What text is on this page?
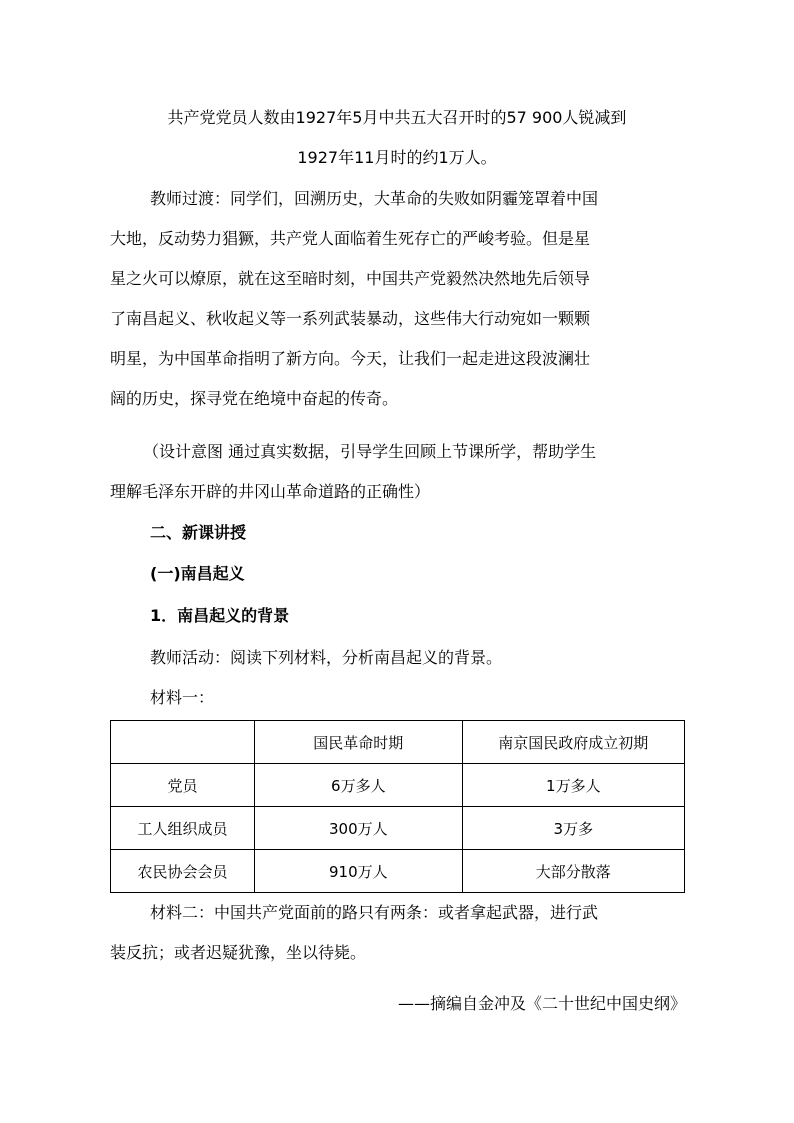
共产党党员人数由1927年5月中共五大召开时的57 900人锐减到
1927年11月时的约1万人。
教师过渡：同学们，回溯历史，大革命的失败如阴霾笼罩着中国
大地，反动势力猖獗，共产党人面临着生死存亡的严峻考验。但是星
星之火可以燎原，就在这至暗时刻，中国共产党毅然决然地先后领导
了南昌起义、秋收起义等一系列武装暴动，这些伟大行动宛如一颗颗
明星，为中国革命指明了新方向。今天，让我们一起走进这段波澜壮
阔的历史，探寻党在绝境中奋起的传奇。
（设计意图 通过真实数据，引导学生回顾上节课所学，帮助学生
理解毛泽东开辟的井冈山革命道路的正确性）
二、新课讲授
(一)南昌起义
1．南昌起义的背景
教师活动：阅读下列材料，分析南昌起义的背景。
材料一：
	国民革命时期	南京国民政府成立初期
党员	6万多人	1万多人
工人组织成员	300万人	3万多
农民协会会员	910万人	大部分散落
材料二：中国共产党面前的路只有两条：或者拿起武器，进行武
装反抗；或者迟疑犹豫，坐以待毙。
——摘编自金冲及《二十世纪中国史纲》
